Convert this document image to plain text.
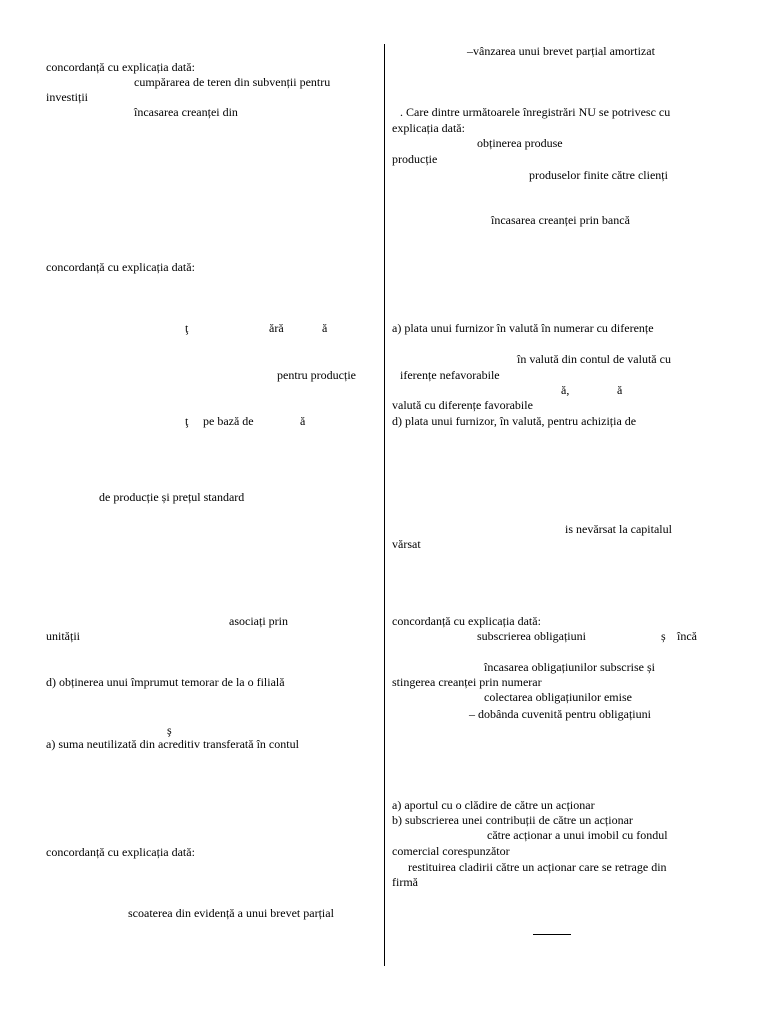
concordanță cu explicația dată:
cumpărarea de teren din subvenții pentru
investiții
încasarea creanței din
concordanță cu explicația dată:
ţ	ără	ă
pentru producție
ţ pe bază de	ă
de producție și prețul standard
asociați prin
unității
d) obținerea unui împrumut temorar de la o filială
ş
a) suma neutilizată din acreditiv transferată în contul
concordanță cu explicația dată:
scoaterea din evidență a unui brevet parțial
–vânzarea unui brevet parțial amortizat
. Care dintre următoarele înregistrări NU se potrivesc cu
explicația dată:
obținerea produse
producție
produselor finite către clienți
încasarea creanței prin bancă
a) plata unui furnizor în valută în numerar cu diferențe
în valută din contul de valută cu
iferențe nefavorabile
ă,	ă
valută cu diferențe favorabile
d) plata unui furnizor, în valută, pentru achiziția de
is nevărsat la capitalul
vărsat
concordanță cu explicația dată:
subscrierea obligațiuni	ș încă
încasarea obligațiunilor subscrise și
stingerea creanței prin numerar
colectarea obligațiunilor emise
– dobânda cuvenită pentru obligațiuni
a) aportul cu o clădire de către un acționar
b) subscrierea unei contribuții de către un acționar
către acționar a unui imobil cu fondul
comercial corespunzător
restituirea cladirii către un acționar care se retrage din
firmă
